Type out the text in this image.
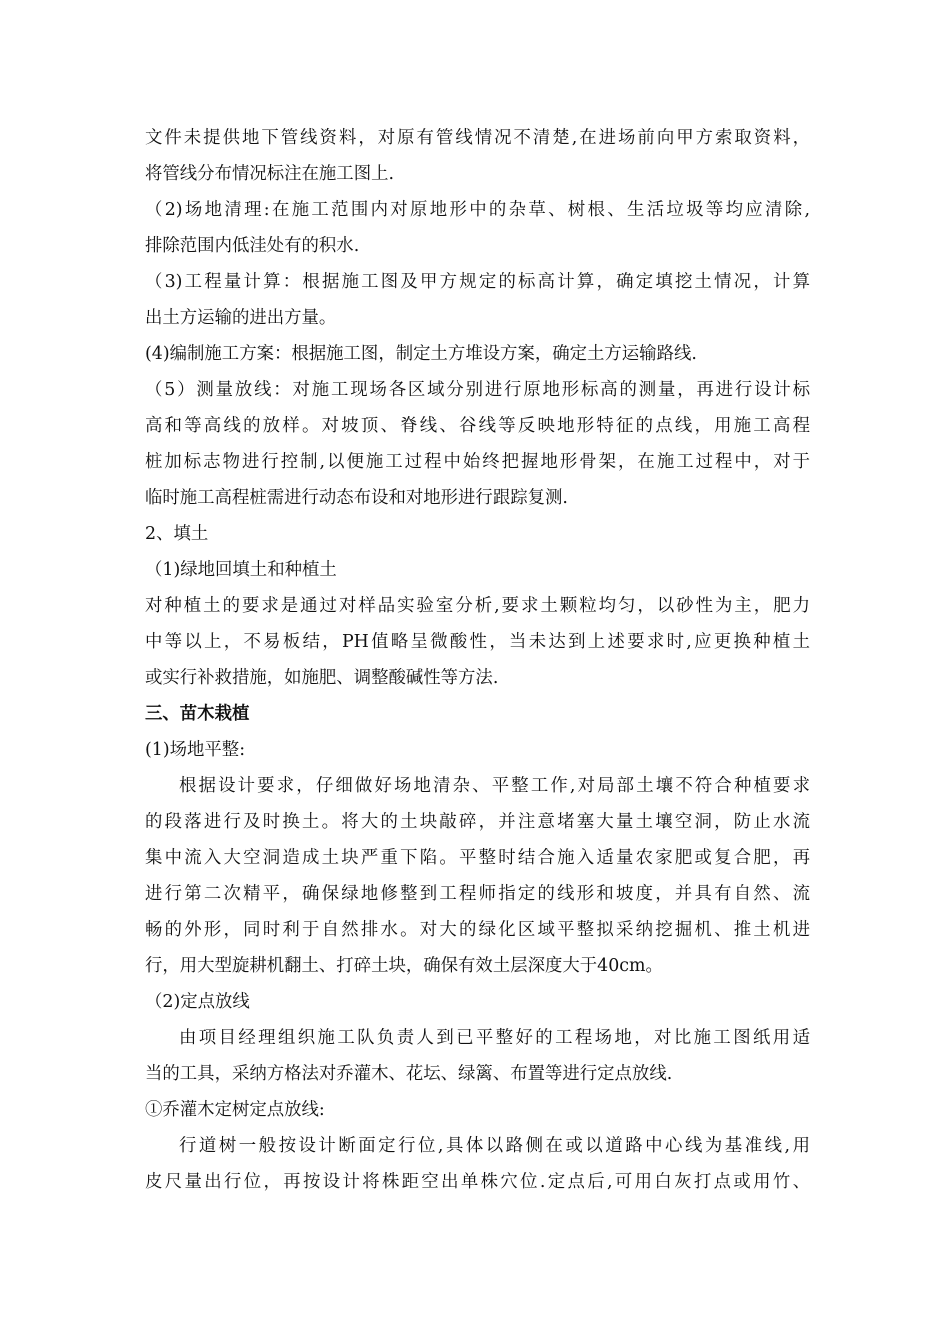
文件未提供地下管线资料，对原有管线情况不清楚,在进场前向甲方索取资料，
将管线分布情况标注在施工图上.
（2)场地清理:在施工范围内对原地形中的杂草、树根、生活垃圾等均应清除,
排除范围内低洼处有的积水.
（3)工程量计算：根据施工图及甲方规定的标高计算，确定填挖土情况，计算
出土方运输的进出方量。
(4)编制施工方案：根据施工图，制定土方堆设方案，确定土方运输路线.
（5）测量放线：对施工现场各区域分别进行原地形标高的测量，再进行设计标
高和等高线的放样。对坡顶、脊线、谷线等反映地形特征的点线，用施工高程
桩加标志物进行控制,以便施工过程中始终把握地形骨架，在施工过程中，对于
临时施工高程桩需进行动态布设和对地形进行跟踪复测.
2、填土
（1)绿地回填土和种植土
对种植土的要求是通过对样品实验室分析,要求土颗粒均匀，以砂性为主，肥力
中等以上，不易板结，PH值略呈微酸性，当未达到上述要求时,应更换种植土
或实行补救措施，如施肥、调整酸碱性等方法.
三、苗木栽植
(1)场地平整:
根据设计要求，仔细做好场地清杂、平整工作,对局部土壤不符合种植要求
的段落进行及时换土。将大的土块敲碎，并注意堵塞大量土壤空洞，防止水流
集中流入大空洞造成土块严重下陷。平整时结合施入适量农家肥或复合肥，再
进行第二次精平，确保绿地修整到工程师指定的线形和坡度，并具有自然、流
畅的外形，同时利于自然排水。对大的绿化区域平整拟采纳挖掘机、推土机进
行，用大型旋耕机翻土、打碎土块，确保有效土层深度大于40cm。
（2)定点放线
由项目经理组织施工队负责人到已平整好的工程场地，对比施工图纸用适
当的工具，采纳方格法对乔灌木、花坛、绿篱、布置等进行定点放线.
①乔灌木定树定点放线:
行道树一般按设计断面定行位,具体以路侧在或以道路中心线为基准线,用
皮尺量出行位，再按设计将株距空出单株穴位.定点后,可用白灰打点或用竹、
